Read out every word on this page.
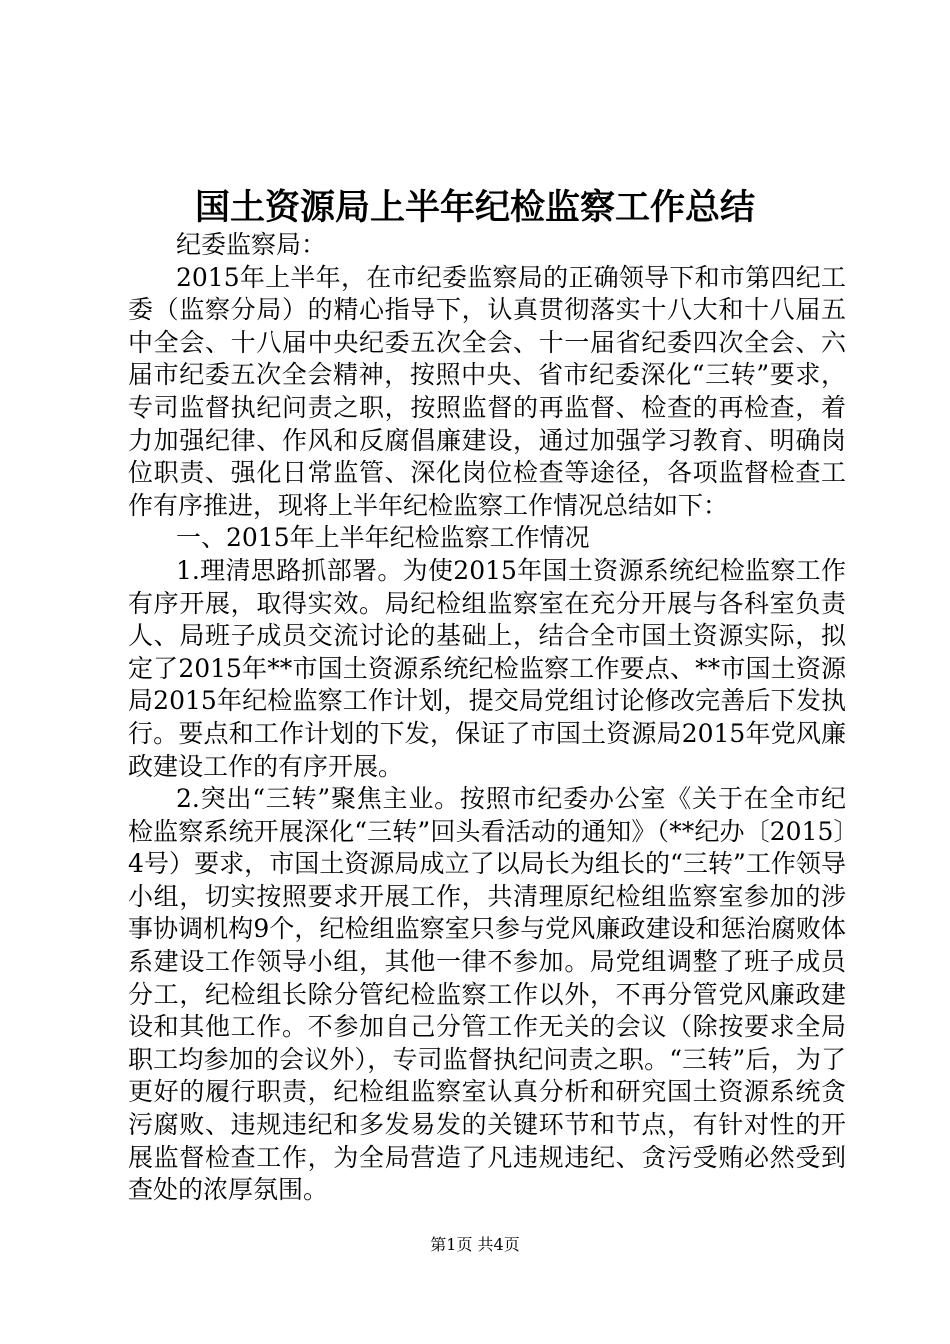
国土资源局上半年纪检监察工作总结

纪委监察局：

2015年上半年，在市纪委监察局的正确领导下和市第四纪工委（监察分局）的精心指导下，认真贯彻落实十八大和十八届五中全会、十八届中央纪委五次全会、十一届省纪委四次全会、六届市纪委五次全会精神，按照中央、省市纪委深化“三转”要求，专司监督执纪问责之职，按照监督的再监督、检查的再检查，着力加强纪律、作风和反腐倡廉建设，通过加强学习教育、明确岗位职责、强化日常监管、深化岗位检查等途径，各项监督检查工作有序推进，现将上半年纪检监察工作情况总结如下：

一、2015年上半年纪检监察工作情况

1.理清思路抓部署。为使2015年国土资源系统纪检监察工作有序开展，取得实效。局纪检组监察室在充分开展与各科室负责人、局班子成员交流讨论的基础上，结合全市国土资源实际，拟定了2015年**市国土资源系统纪检监察工作要点、**市国土资源局2015年纪检监察工作计划，提交局党组讨论修改完善后下发执行。要点和工作计划的下发，保证了市国土资源局2015年党风廉政建设工作的有序开展。

2.突出“三转”聚焦主业。按照市纪委办公室《关于在全市纪检监察系统开展深化“三转”回头看活动的通知》（**纪办〔2015〕4号）要求，市国土资源局成立了以局长为组长的“三转”工作领导小组，切实按照要求开展工作，共清理原纪检组监察室参加的涉事协调机构9个，纪检组监察室只参与党风廉政建设和惩治腐败体系建设工作领导小组，其他一律不参加。局党组调整了班子成员分工，纪检组长除分管纪检监察工作以外，不再分管党风廉政建设和其他工作。不参加自己分管工作无关的会议（除按要求全局职工均参加的会议外），专司监督执纪问责之职。“三转”后，为了更好的履行职责，纪检组监察室认真分析和研究国土资源系统贪污腐败、违规违纪和多发易发的关键环节和节点，有针对性的开展监督检查工作，为全局营造了凡违规违纪、贪污受贿必然受到查处的浓厚氛围。

第1页 共4页
